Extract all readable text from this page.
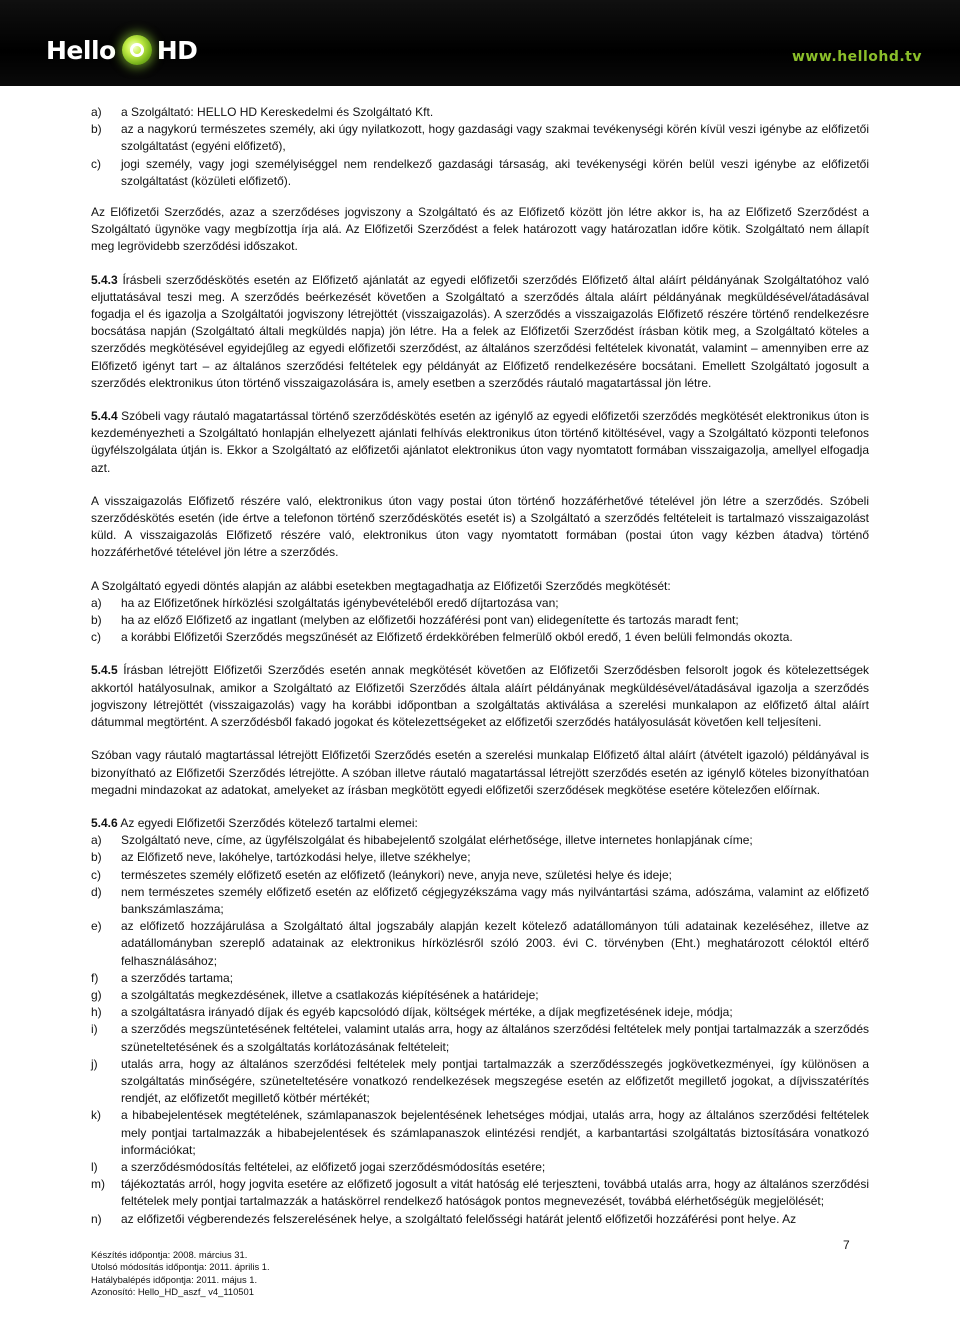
Hello HD	www.hellohd.tv
a)	a Szolgáltató: HELLO HD Kereskedelmi és Szolgáltató Kft.
b)	az a nagykorú természetes személy, aki úgy nyilatkozott, hogy gazdasági vagy szakmai tevékenységi körén kívül veszi igénybe az előfizetői szolgáltatást (egyéni előfizető),
c)	jogi személy, vagy jogi személyiséggel nem rendelkező gazdasági társaság, aki tevékenységi körén belül veszi igénybe az előfizetői szolgáltatást (közületi előfizető).
Az Előfizetői Szerződés, azaz a szerződéses jogviszony a Szolgáltató és az Előfizető között jön létre akkor is, ha az Előfizető Szerződést a Szolgáltató ügynöke vagy megbízottja írja alá. Az Előfizetői Szerződést a felek határozott vagy határozatlan időre kötik. Szolgáltató nem állapít meg legrövidebb szerződési időszakot.
5.4.3 Írásbeli szerződéskötés esetén az Előfizető ajánlatát az egyedi előfizetői szerződés Előfizető által aláírt példányának Szolgáltatóhoz való eljuttatásával teszi meg. A szerződés beérkezését követően a Szolgáltató a szerződés általa aláírt példányának megküldésével/átadásával fogadja el és igazolja a Szolgáltatói jogviszony létrejöttét (visszaigazolás). A szerződés a visszaigazolás Előfizető részére történő rendelkezésre bocsátása napján (Szolgáltató általi megküldés napja) jön létre. Ha a felek az Előfizetői Szerződést írásban kötik meg, a Szolgáltató köteles a szerződés megkötésével egyidejűleg az egyedi előfizetői szerződést, az általános szerződési feltételek kivonatát, valamint – amennyiben erre az Előfizető igényt tart – az általános szerződési feltételek egy példányát az Előfizető rendelkezésére bocsátani. Emellett Szolgáltató jogosult a szerződés elektronikus úton történő visszaigazolására is, amely esetben a szerződés ráutaló magatartással jön létre.
5.4.4 Szóbeli vagy ráutaló magatartással történő szerződéskötés esetén az igénylő az egyedi előfizetői szerződés megkötését elektronikus úton is kezdeményezheti a Szolgáltató honlapján elhelyezett ajánlati felhívás elektronikus úton történő kitöltésével, vagy a Szolgáltató központi telefonos ügyfélszolgálata útján is. Ekkor a Szolgáltató az előfizetői ajánlatot elektronikus úton vagy nyomtatott formában visszaigazolja, amellyel elfogadja azt.
A visszaigazolás Előfizető részére való, elektronikus úton vagy postai úton történő hozzáférhetővé tételével jön létre a szerződés. Szóbeli szerződéskötés esetén (ide értve a telefonon történő szerződéskötés esetét is) a Szolgáltató a szerződés feltételeit is tartalmazó visszaigazolást küld. A visszaigazolás Előfizető részére való, elektronikus úton vagy nyomtatott formában (postai úton vagy kézben átadva) történő hozzáférhetővé tételével jön létre a szerződés.
A Szolgáltató egyedi döntés alapján az alábbi esetekben megtagadhatja az Előfizetői Szerződés megkötését:
a)	ha az Előfizetőnek hírközlési szolgáltatás igénybevételéből eredő díjtartozása van;
b)	ha az előző Előfizető az ingatlant (melyben az előfizetői hozzáférési pont van) elidegenítette és tartozás maradt fent;
c)	a korábbi Előfizetői Szerződés megszűnését az Előfizető érdekkörében felmerülő okból eredő, 1 éven belüli felmondás okozta.
5.4.5 Írásban létrejött Előfizetői Szerződés esetén annak megkötését követően az Előfizetői Szerződésben felsorolt jogok és kötelezettségek akkortól hatályosulnak, amikor a Szolgáltató az Előfizetői Szerződés általa aláírt példányának megküldésével/átadásával igazolja a szerződés jogviszony létrejöttét (visszaigazolás) vagy ha korábbi időpontban a szolgáltatás aktiválása a szerelési munkalapon az előfizető által aláírt dátummal megtörtént. A szerződésből fakadó jogokat és kötelezettségeket az előfizetői szerződés hatályosulását követően kell teljesíteni.
Szóban vagy ráutaló magtartással létrejött Előfizetői Szerződés esetén a szerelési munkalap Előfizető által aláírt (átvételt igazoló) példányával is bizonyítható az Előfizetői Szerződés létrejötte. A szóban illetve ráutaló magatartással létrejött szerződés esetén az igénylő köteles bizonyíthatóan megadni mindazokat az adatokat, amelyeket az írásban megkötött egyedi előfizetői szerződések megkötése esetére kötelezően előírnak.
5.4.6 Az egyedi Előfizetői Szerződés kötelező tartalmi elemei:
a)	Szolgáltató neve, címe, az ügyfélszolgálat és hibabejelentő szolgálat elérhetősége, illetve internetes honlapjának címe;
b)	az Előfizető neve, lakóhelye, tartózkodási helye, illetve székhelye;
c)	természetes személy előfizető esetén az előfizető (leánykori) neve, anyja neve, születési helye és ideje;
d)	nem természetes személy előfizető esetén az előfizető cégjegyzékszáma vagy más nyilvántartási száma, adószáma, valamint az előfizető bankszámlaszáma;
e)	az előfizető hozzájárulása a Szolgáltató által jogszabály alapján kezelt kötelező adatállományon túli adatainak kezeléséhez, illetve az adatállományban szereplő adatainak az elektronikus hírközlésről szóló 2003. évi C. törvényben (Eht.) meghatározott céloktól eltérő felhasználásához;
f)	a szerződés tartama;
g)	a szolgáltatás megkezdésének, illetve a csatlakozás kiépítésének a határideje;
h)	a szolgáltatásra irányadó díjak és egyéb kapcsolódó díjak, költségek mértéke, a díjak megfizetésének ideje, módja;
i)	a szerződés megszüntetésének feltételei, valamint utalás arra, hogy az általános szerződési feltételek mely pontjai tartalmazzák a szerződés szüneteltetésének és a szolgáltatás korlátozásának feltételeit;
j)	utalás arra, hogy az általános szerződési feltételek mely pontjai tartalmazzák a szerződésszegés jogkövetkezményei, így különösen a szolgáltatás minőségére, szüneteltetésére vonatkozó rendelkezések megszegése esetén az előfizetőt megillető jogokat, a díjvisszatérítés rendjét, az előfizetőt megillető kötbér mértékét;
k)	a hibabejelentések megtételének, számlapanaszok bejelentésének lehetséges módjai, utalás arra, hogy az általános szerződési feltételek mely pontjai tartalmazzák a hibabejelentések és számlapanaszok elintézési rendjét, a karbantartási szolgáltatás biztosítására vonatkozó információkat;
l)	a szerződésmódosítás feltételei, az előfizető jogai szerződésmódosítás esetére;
m)	tájékoztatás arról, hogy jogvita esetére az előfizető jogosult a vitát hatóság elé terjeszteni, továbbá utalás arra, hogy az általános szerződési feltételek mely pontjai tartalmazzák a hatáskörrel rendelkező hatóságok pontos megnevezését, továbbá elérhetőségük megjelölését;
n)	az előfizetői végberendezés felszerelésének helye, a szolgáltató felelősségi határát jelentő előfizetői hozzáférési pont helye. Az
7
Készítés időpontja: 2008. március 31.
Utolsó módosítás időpontja: 2011. április 1.
Hatálybalépés időpontja: 2011. május 1.
Azonosító: Hello_HD_aszf_ v4_110501
